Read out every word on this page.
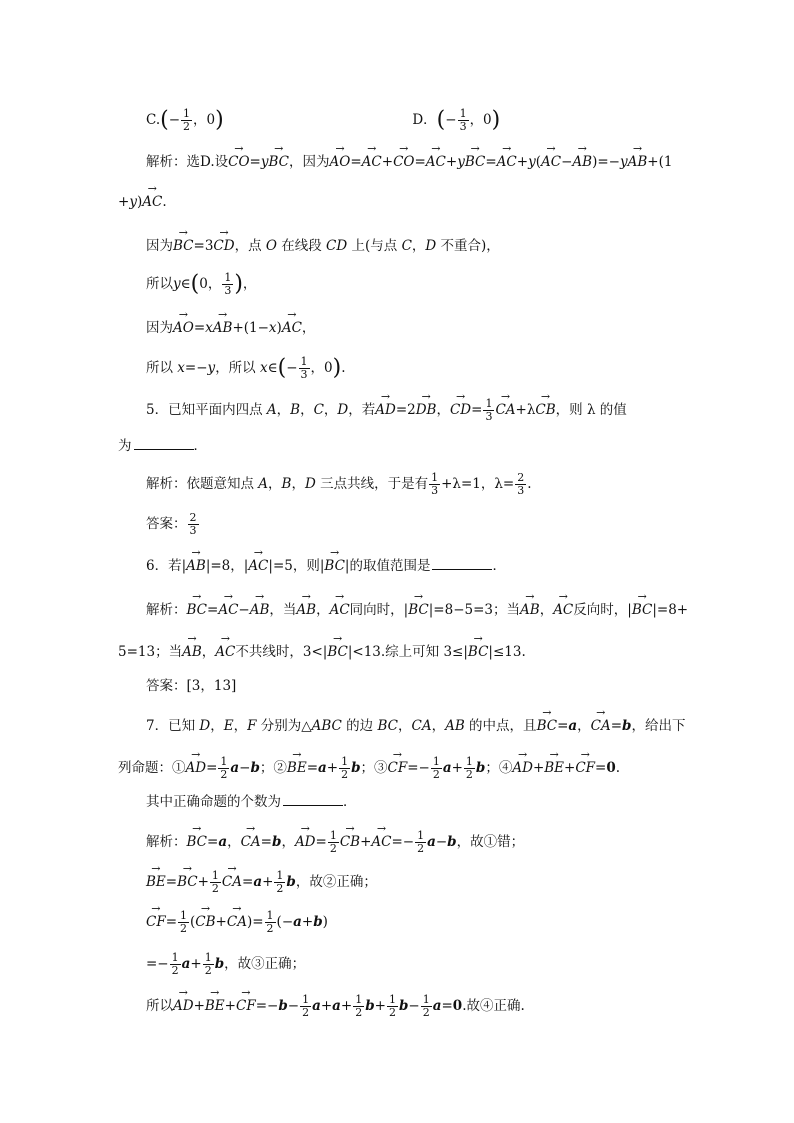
$C.(- \frac{1}{2}$ ，0)	D．(− $\frac{1}{3}$ ，0)
解析：选D.设→ CO=y→ BC，因为→ AO=→ AC+→ CO=→ AC+y→ BC=→ AC+y(→ AC−→ AB)=−y→ AB+(1
+y)→ AC.
因为→ BC=3→ CD，点 O 在线段 CD 上(与点 C，D 不重合)，
所以y∈(0， $\frac{1}{3}$ )，
因为→ AO=x→ AB+(1−x)→ AC，
所以 x=−y，所以 x∈(− $\frac{1}{3}$ ，0).
5．已知平面内四点 A，B，C，D，若→ AD=2→ DB，→ $CD= \frac{1}{3}$
→ CA+λ→ CB，则 λ 的值
为	．
解析：依题意知点 A，B，D 三点共线，于是有 $\frac{1}{3} +\lambda=1$，$\lambda= \frac{2}{3}$ .
答案： $\frac{2}{3}$
6．若|→ AB|=8，|→ AC|=5，则|→ BC|的取值范围是	．
解析：→ BC=→ AC−→ AB，当→ AB，→ AC同向时，|→ BC|=8−5=3；当→ AB，→ AC反向时，|→ BC|=8+
5=13；当→ AB，→ AC不共线时，3<|→ BC|<13.综上可知 3≤|→ BC|≤13.
答案：[3，13]
7．已知 D，E，F 分别为△ABC 的边 BC，CA，AB 的中点，且→ BC=a，→ CA=b，给出下
列命题：①→ $AD= \frac{1}{2} a-b$；②→ $BE=a+ \frac{1}{2}$ b；③→ $CF=- \frac{1}{2} a+ \frac{1}{2}$ b；④→ AD+→ BE+→ CF=0.
其中正确命题的个数为	．
解析：→ BC=a，→ CA=b，→ $AD= \frac{1}{2}$
→ $CB+\to AC=- \frac{1}{2} a-b$，故①错；
→ $BE=\to BC+ \frac{1}{2}$
→ $CA=a+ \frac{1}{2}$ b，故②正确；
→ $CF= \frac{1}{2}$ (→ $CB+\to CA)= \frac{1}{2} (-a+b)$
=− $\frac{1}{2} a+ \frac{1}{2}$ b，故③正确；
所以→ $AD+\to BE+\to CF=-b- \frac{1}{2} a+a+ \frac{1}{2} b+ \frac{1}{2} b- \frac{1}{2} a=0$.故④正确.
